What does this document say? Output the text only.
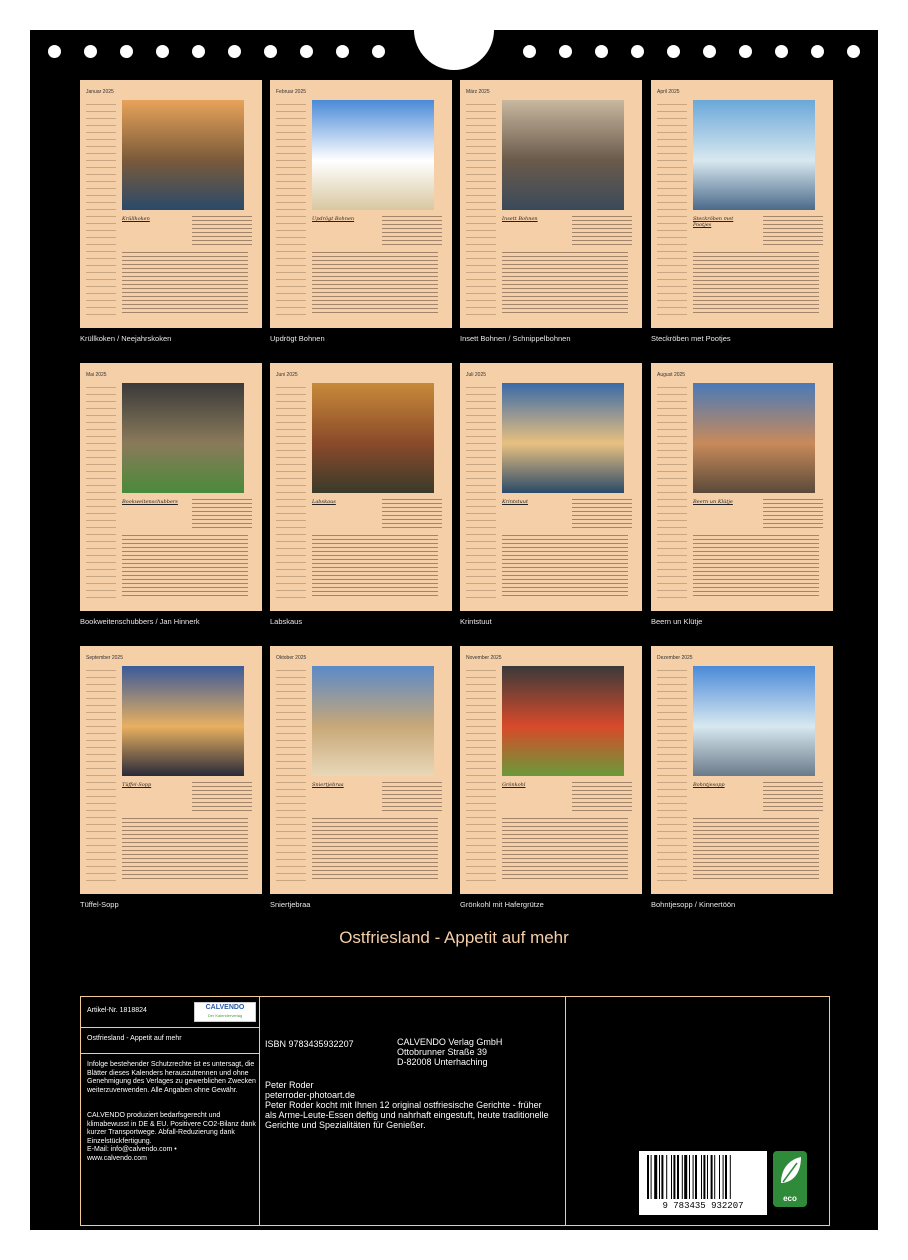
Januar 2025
Krüllkoken
Krüllkoken / Neejahrskoken
Februar 2025
Updrögt Bohnen
Updrögt Bohnen
März 2025
Insett Bohnen
Insett Bohnen / Schnippelbohnen
April 2025
Steckröben met Pootjes
Steckröben met Pootjes
Mai 2025
Bookweitenschubbers
Bookweitenschubbers / Jan Hinnerk
Juni 2025
Labskaus
Labskaus
Juli 2025
Krintstuut
Krintstuut
August 2025
Beern un Klütje
Beern un Klütje
September 2025
Tüffel-Sopp
Tüffel-Sopp
Oktober 2025
Sniertjebraa
Sniertjebraa
November 2025
Grönkohl
Grönkohl mit Hafergrütze
Dezember 2025
Bohntjesopp
Bohntjesopp / Kinnertöön
Ostfriesland - Appetit auf mehr
Artikel-Nr. 1818824	CALVENDO
Der Kalenderverlag
Ostfriesland - Appetit auf mehr
Infolge bestehender Schutzrechte ist es untersagt, die Blätter dieses Kalenders herauszutrennen und ohne Genehmigung des Verlages zu gewerblichen Zwecken weiterzuverwenden. Alle Angaben ohne Gewähr.
CALVENDO produziert bedarfsgerecht und klimabewusst in DE & EU. Positivere CO2-Bilanz dank kurzer Transportwege. Abfall-Reduzierung dank Einzelstückfertigung.
E-Mail: info@calvendo.com •
www.calvendo.com
ISBN 9783435932207	CALVENDO Verlag GmbH
Ottobrunner Straße 39
D-82008 Unterhaching
Peter Roder
peterroder-photoart.de
Peter Roder kocht mit Ihnen 12 original ostfriesische Gerichte - früher als Arme-Leute-Essen deftig und nahrhaft eingestuft, heute traditionelle Gerichte und Spezialitäten für Genießer.
9 783435 932207
eco
